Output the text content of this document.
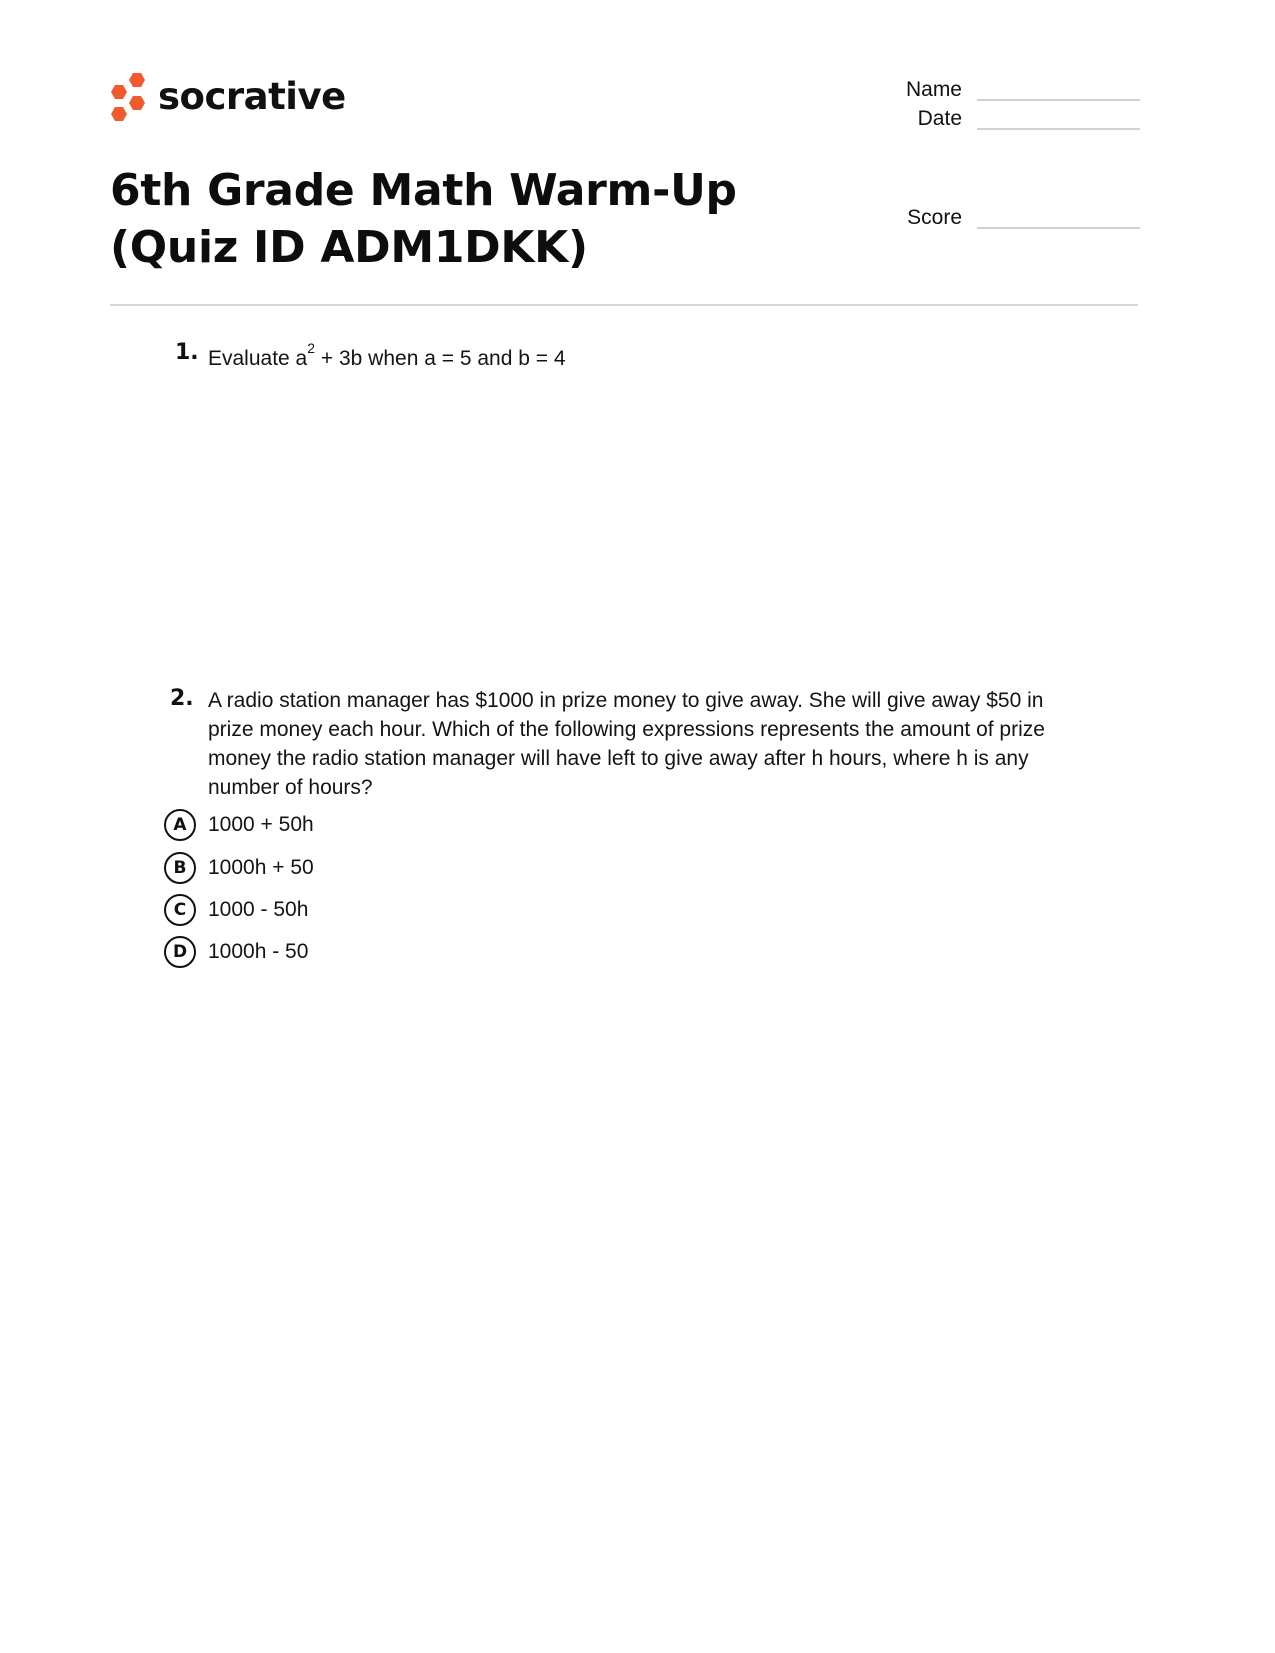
socrative
6th Grade Math Warm-Up (Quiz ID ADM1DKK)
Name
Date
Score
1. Evaluate $a^2 + 3b$ when a = 5 and b = 4
2. A radio station manager has $1000 in prize money to give away. She will give away $50 in prize money each hour. Which of the following expressions represents the amount of prize money the radio station manager will have left to give away after h hours, where h is any number of hours?
A	1000 + 50h
B	1000h + 50
C	1000 - 50h
D 1000h - 50
